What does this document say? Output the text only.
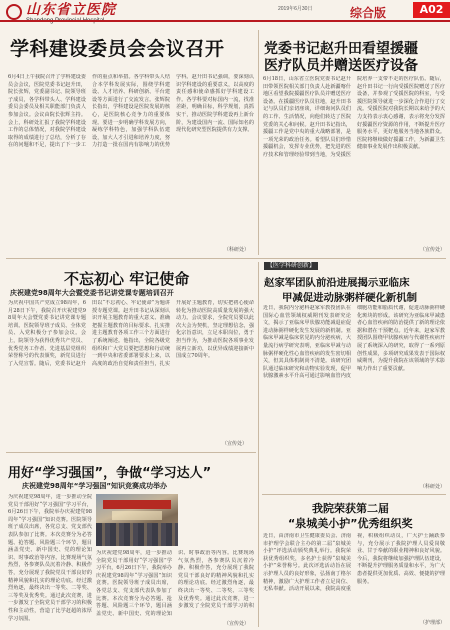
山东省立医院	2019年6月30日	综合版	A02
学科建设委员会会议召开
6月4日上午我院召开了学科建设委员会会议，医院党委书记赵升田，院长张辉，党委副书记、院领导班子成员，各学科带头人、学科建设委员会委员及相关职能部门负责人参加会议。会议由院长张辉主持。会上，科研处汇报了我院学科建设工作的总体情况，对我院学科建设取得的成绩进行了总结，分析了存在的问题和不足，提出了下一步工作的重点和举措。各学科带头人结合本学科发展实际，围绕学科建设、人才培养、科研创新、平台建设等方面进行了交流发言。张辉院长指出，学科建设是医院发展的核心，是医院核心竞争力的重要体现。要进一步明确学科发展方向，凝练学科特色，加强学科队伍建设，加大人才引进和培养力度，努力打造一批在国内有影响力的优势学科。赵升田书记强调，要深刻认识学科建设的重要意义，以高度的责任感和使命感抓好学科建设工作。各学科要对标国内一流，找准差距，明确目标，科学规划，真抓实干，推动医院学科建设再上新台阶，为建设国内一流、国际知名的现代化研究型医院提供有力支撑。
（科研处）
党委书记赵升田看望援疆
医疗队员并赠送医疗设备
6月18日，山东省立医院党委书记赵升田带领医院相关部门负责人赴新疆喀什地区看望我院援疆医疗队员并赠送医疗设备。在援疆医疗队员驻地，赵升田书记与队员们亲切座谈，详细询问队员们的工作、生活情况，向他们转达了医院党委的关心和问候。赵升田书记指出，援疆工作是党中央的重大战略部署，是一项光荣的政治任务。希望队员们珍惜援疆机会，发挥专业优势，把先进的医疗技术和管理经验带到当地，为受援医院培养一支带不走的医疗队伍。随后，赵升田书记一行向受援医院赠送了医疗设备，并参观了受援医院的科室，与受援医院领导就进一步深化合作进行了交流。受援医院对我院长期以来给予的大力支持表示衷心感谢，表示将充分发挥好援疆医疗资源的作用，不断提升医疗服务水平，更好地服务当地各族群众。医院将继续做好援疆工作，为新疆卫生健康事业发展作出积极贡献。
（宣传处）
不忘初心 牢记使命
庆祝建党98周年大会暨党委书记讲党课专题培训召开
为庆祝中国共产党成立98周年，6月28日下午，我院召开庆祝建党98周年大会暨党委书记讲党课专题培训。医院领导班子成员、全体党员、入党积极分子参加会议。会上，院领导为获得优秀共产党员、优秀党务工作者、先进基层党组织荣誉称号的代表颁奖，新党员进行了入党宣誓。随后，党委书记赵升田以“不忘初心、牢记使命”为题讲授专题党课。赵升田书记从深刻认识开展主题教育的重大意义、准确把握主题教育的目标要求、扎实推进主题教育各项工作三个方面进行了系统阐述。他指出，全院各级党组织和广大党员要把思想和行动统一到中央和省委部署要求上来，以高度的政治自觉和责任担当，扎实开展好主题教育，切实把初心使命转化为推动医院高质量发展的强大动力。会议要求，全院党员要以此次大会为契机，坚定理想信念，强化宗旨意识，立足本职岗位，勇于担当作为，为推动医院各项事业发展再立新功，以优异成绩迎接新中国成立70周年。
（宣传处）
【医学科研创新】
赵家军团队前沿进展揭示亚临床
甲减促进动脉粥样硬化新机制
近日，我院内分泌科赵家军教授团队在国际心血管领域权威期刊发表研究论文，揭示了亚临床甲状腺功能减退症促进动脉粥样硬化发生发展的新机制。亚临床甲减是临床常见的内分泌疾病，大量流行病学研究表明，亚临床甲减与动脉粥样硬化性心血管疾病的发生密切相关，但其具体机制尚不清楚。该研究团队通过临床研究和动物实验发现，促甲状腺激素水平升高可通过影响血管内皮细胞功能和脂质代谢，促进动脉粥样硬化斑块的形成。该研究为亚临床甲减患者心血管疾病的防治提供了新的理论依据和潜在干预靶点。近年来，赵家军教授团队围绕甲状腺疾病与代谢性疾病开展了系统深入的研究，取得了一系列原创性成果，多项研究成果发表于国际权威期刊，为提升我院在该领域的学术影响力作出了重要贡献。
（科研处）
用好“学习强国”，争做“学习达人”
庆祝建党98周年“学习强国”知识竞赛成功举办
为庆祝建党98周年，进一步推动全院党员干部用好“学习强国”学习平台，6月26日下午，我院举办庆祝建党98周年“学习强国”知识竞赛。医院领导班子成员出席，各党总支、党支部代表队参加了比赛。本次竞赛分为必答题、抢答题、风险题三个环节，题目涵盖党史、新中国史、党的理论知识、时事政治等内容。比赛现场气氛热烈，各参赛队员沉着冷静、积极作答，充分展现了我院党员干部良好的精神风貌和扎实的理论功底。经过激烈角逐，最终决出一等奖、二等奖、三等奖及优秀奖。通过此次竞赛，进一步激发了全院党员干部学习的积极性和主动性，营造了比学赶超的浓厚学习氛围。
为庆祝建党98周年，进一步推动全院党员干部用好“学习强国”学习平台，6月26日下午，我院举办庆祝建党98周年“学习强国”知识竞赛。医院领导班子成员出席，各党总支、党支部代表队参加了比赛。本次竞赛分为必答题、抢答题、风险题三个环节，题目涵盖党史、新中国史、党的理论知识、时事政治等内容。比赛现场气氛热烈，各参赛队员沉着冷静、积极作答，充分展现了我院党员干部良好的精神风貌和扎实的理论功底。经过激烈角逐，最终决出一等奖、二等奖、三等奖及优秀奖。通过此次竞赛，进一步激发了全院党员干部学习的积
（宣传处）
我院荣获第二届
“泉城美小护”优秀组织奖
近日，由济南市卫生健康委员会、济南市护理学会联合主办的第二届“泉城美小护”评选活动颁奖典礼举行。我院荣获优秀组织奖，多名护士获得“泉城美小护”荣誉称号。此次评选活动旨在展示护理人员的良好形象，弘扬南丁格尔精神，激励广大护理工作者立足岗位、无私奉献。活动开展以来，我院高度重视，积极组织动员，广大护士踊跃参与，充分展示了我院护理人员爱岗敬业、甘于奉献的职业精神和良好风貌。今后，我院将继续加强护理队伍建设，不断提升护理服务质量和水平，为广大患者提供更加优质、高效、便捷的护理服务。
（护理部）
